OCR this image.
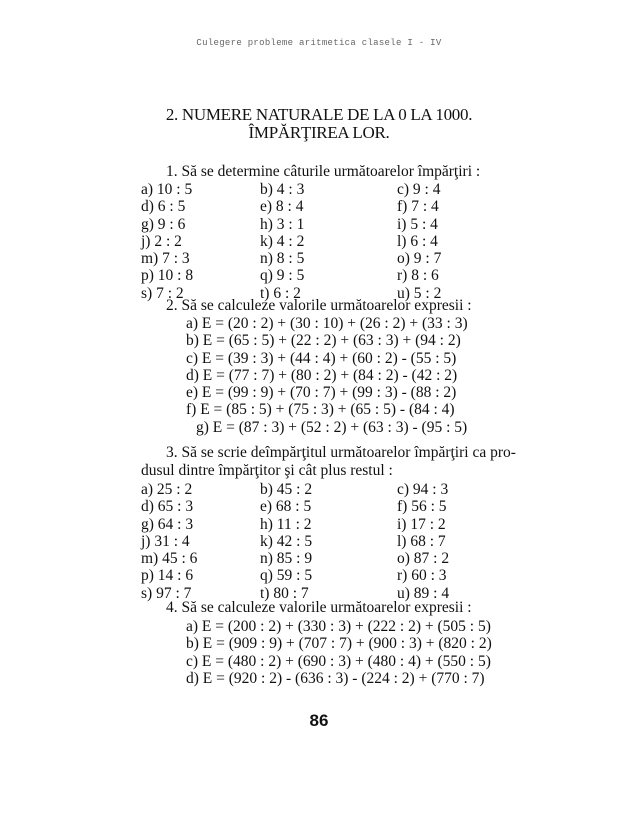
Culegere probleme aritmetica clasele I - IV
2. NUMERE NATURALE DE LA 0 LA 1000.
ÎMPĂRŢIREA LOR.
1. Să se determine câturile următoarelor împărţiri :
a) 10 : 5	b) 4 : 3	c) 9 : 4
d) 6 : 5	e) 8 : 4	f) 7 : 4
g) 9 : 6	h) 3 : 1	i) 5 : 4
j) 2 : 2	k) 4 : 2	l) 6 : 4
m) 7 : 3	n) 8 : 5	o) 9 : 7
p) 10 : 8	q) 9 : 5	r) 8 : 6
s) 7 : 2	t) 6 : 2	u) 5 : 2
2. Să se calculeze valorile următoarelor expresii :
a) E = (20 : 2) + (30 : 10) + (26 : 2) + (33 : 3)
b) E = (65 : 5) + (22 : 2) + (63 : 3) + (94 : 2)
c) E = (39 : 3) + (44 : 4) + (60 : 2) - (55 : 5)
d) E = (77 : 7) + (80 : 2) + (84 : 2) - (42 : 2)
e) E = (99 : 9) + (70 : 7) + (99 : 3) - (88 : 2)
f) E = (85 : 5) + (75 : 3) + (65 : 5) - (84 : 4)
g) E = (87 : 3) + (52 : 2) + (63 : 3) - (95 : 5)
3. Să se scrie deîmpărţitul următoarelor împărţiri ca pro-
dusul dintre împărţitor şi cât plus restul :
a) 25 : 2	b) 45 : 2	c) 94 : 3
d) 65 : 3	e) 68 : 5	f) 56 : 5
g) 64 : 3	h) 11 : 2	i) 17 : 2
j) 31 : 4	k) 42 : 5	l) 68 : 7
m) 45 : 6	n) 85 : 9	o) 87 : 2
p) 14 : 6	q) 59 : 5	r) 60 : 3
s) 97 : 7	t) 80 : 7	u) 89 : 4
4. Să se calculeze valorile următoarelor expresii :
a) E = (200 : 2) + (330 : 3) + (222 : 2) + (505 : 5)
b) E = (909 : 9) + (707 : 7) + (900 : 3) + (820 : 2)
c) E = (480 : 2) + (690 : 3) + (480 : 4) + (550 : 5)
d) E = (920 : 2) - (636 : 3) - (224 : 2) + (770 : 7)
86
